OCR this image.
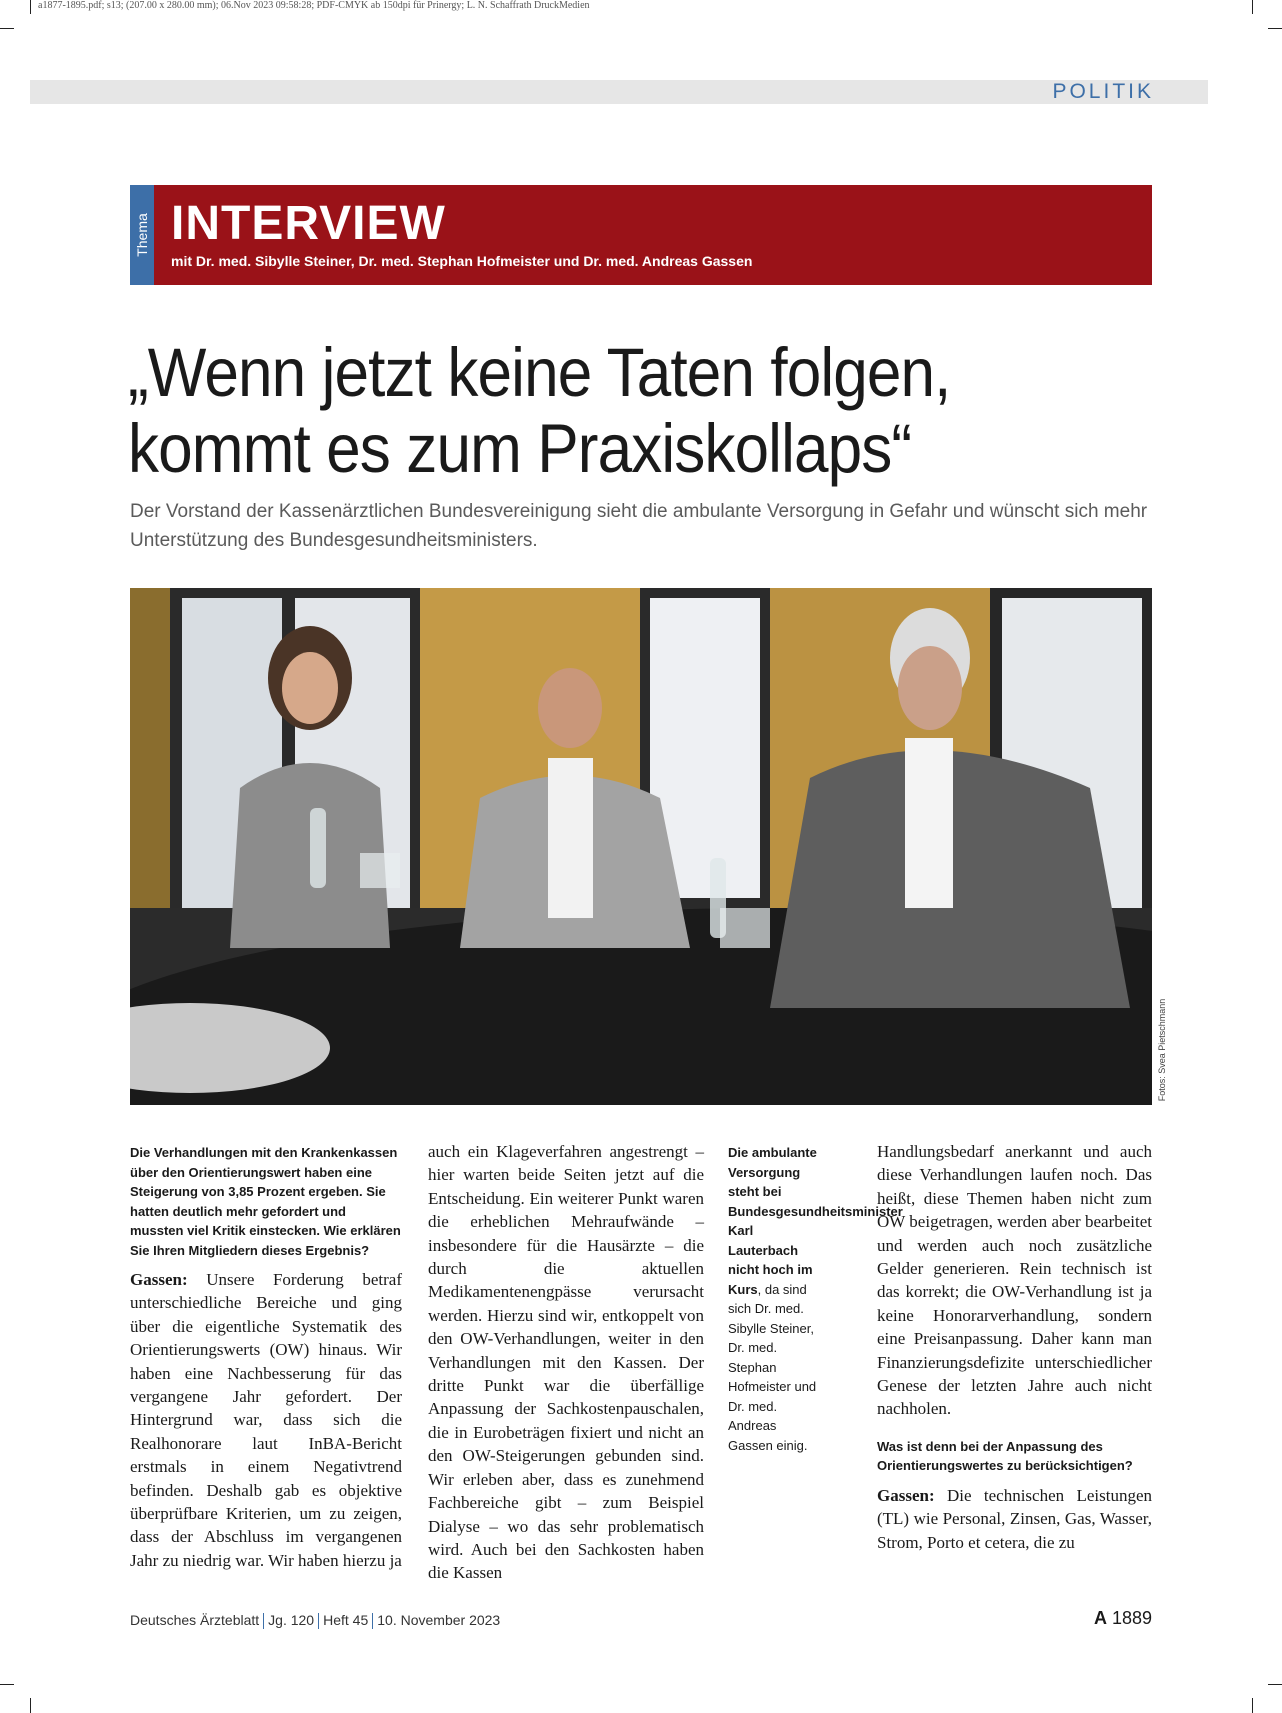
a1877-1895.pdf; s13; (207.00 x 280.00 mm); 06.Nov 2023 09:58:28; PDF-CMYK ab 150dpi für Prinergy; L. N. Schaffrath DruckMedien
POLITIK
Thema INTERVIEW
mit Dr. med. Sibylle Steiner, Dr. med. Stephan Hofmeister und Dr. med. Andreas Gassen
„Wenn jetzt keine Taten folgen,
kommt es zum Praxiskollaps“
Der Vorstand der Kassenärztlichen Bundesvereinigung sieht die ambulante Versorgung in Gefahr und wünscht sich mehr Unterstützung des Bundesgesundheitsministers.
Fotos: Svea Pietschmann
Die Verhandlungen mit den Krankenkassen über den Orientierungswert haben eine Steigerung von 3,85 Prozent ergeben. Sie hatten deutlich mehr gefordert und mussten viel Kritik einstecken. Wie erklären Sie Ihren Mitgliedern dieses Ergebnis?
Gassen: Unsere Forderung betraf unterschiedliche Bereiche und ging über die eigentliche Systematik des Orientierungswerts (OW) hinaus. Wir haben eine Nachbesserung für das vergangene Jahr gefordert. Der Hintergrund war, dass sich die Realhonorare laut InBA-Bericht erstmals in einem Negativtrend befinden. Deshalb gab es objektive überprüfbare Kriterien, um zu zeigen, dass der Abschluss im vergangenen Jahr zu niedrig war. Wir haben hierzu ja
auch ein Klageverfahren angestrengt – hier warten beide Seiten jetzt auf die Entscheidung. Ein weiterer Punkt waren die erheblichen Mehraufwände – insbesondere für die Hausärzte – die durch die aktuellen Medikamentenengpässe verursacht werden. Hierzu sind wir, entkoppelt von den OW-Verhandlungen, weiter in den Verhandlungen mit den Kassen. Der dritte Punkt war die überfällige Anpassung der Sachkostenpauschalen, die in Eurobeträgen fixiert und nicht an den OW-Steigerungen gebunden sind. Wir erleben aber, dass es zunehmend Fachbereiche gibt – zum Beispiel Dialyse – wo das sehr problematisch wird. Auch bei den Sachkosten haben die Kassen
Die ambulante Versorgung steht bei Bundesgesundheitsminister Karl Lauterbach nicht hoch im Kurs, da sind sich Dr. med. Sibylle Steiner, Dr. med. Stephan Hofmeister und Dr. med. Andreas Gassen einig.
Handlungsbedarf anerkannt und auch diese Verhandlungen laufen noch. Das heißt, diese Themen haben nicht zum OW beigetragen, werden aber bearbeitet und werden auch noch zusätzliche Gelder generieren. Rein technisch ist das korrekt; die OW-Verhandlung ist ja keine Honorarverhandlung, sondern eine Preisanpassung. Daher kann man Finanzierungsdefizite unterschiedlicher Genese der letzten Jahre auch nicht nachholen.
Was ist denn bei der Anpassung des Orientierungswertes zu berücksichtigen?
Gassen: Die technischen Leistungen (TL) wie Personal, Zinsen, Gas, Wasser, Strom, Porto et cetera, die zu
Deutsches Ärzteblatt Jg. 120 Heft 45 10. November 2023	A 1889
